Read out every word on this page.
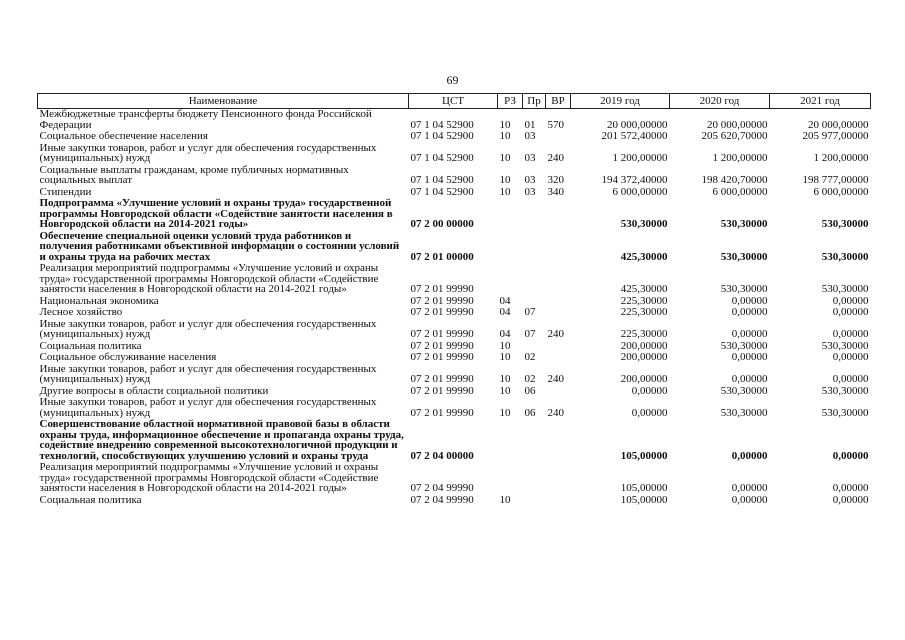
69
Наименование	ЦСТ	РЗ	Пр	ВР	2019 год	2020 год	2021 год
Межбюджетные трансферты бюджету Пенсионного фонда Российской Федерации	07 1 04 52900	10	01	570	20 000,00000	20 000,00000	20 000,00000
Социальное обеспечение населения	07 1 04 52900	10	03		201 572,40000	205 620,70000	205 977,00000
Иные закупки товаров, работ и услуг для обеспечения государственных (муниципальных) нужд	07 1 04 52900	10	03	240	1 200,00000	1 200,00000	1 200,00000
Социальные выплаты гражданам, кроме публичных нормативных социальных выплат	07 1 04 52900	10	03	320	194 372,40000	198 420,70000	198 777,00000
Стипендии	07 1 04 52900	10	03	340	6 000,00000	6 000,00000	6 000,00000
Подпрограмма «Улучшение условий и охраны труда» государственной программы Новгородской области «Содействие занятости населения в Новгородской области на 2014-2021 годы»	07 2 00 00000				530,30000	530,30000	530,30000
Обеспечение специальной оценки условий труда работников и получения работниками объективной информации о состоянии условий и охраны труда на рабочих местах	07 2 01 00000				425,30000	530,30000	530,30000
Реализация мероприятий подпрограммы «Улучшение условий и охраны труда» государственной программы Новгородской области «Содействие занятости населения в Новгородской области на 2014-2021 годы»	07 2 01 99990				425,30000	530,30000	530,30000
Национальная экономика	07 2 01 99990	04			225,30000	0,00000	0,00000
Лесное хозяйство	07 2 01 99990	04	07		225,30000	0,00000	0,00000
Иные закупки товаров, работ и услуг для обеспечения государственных (муниципальных) нужд	07 2 01 99990	04	07	240	225,30000	0,00000	0,00000
Социальная политика	07 2 01 99990	10			200,00000	530,30000	530,30000
Социальное обслуживание населения	07 2 01 99990	10	02		200,00000	0,00000	0,00000
Иные закупки товаров, работ и услуг для обеспечения государственных (муниципальных) нужд	07 2 01 99990	10	02	240	200,00000	0,00000	0,00000
Другие вопросы в области социальной политики	07 2 01 99990	10	06		0,00000	530,30000	530,30000
Иные закупки товаров, работ и услуг для обеспечения государственных (муниципальных) нужд	07 2 01 99990	10	06	240	0,00000	530,30000	530,30000
Совершенствование областной нормативной правовой базы в области охраны труда, информационное обеспечение и пропаганда охраны труда, содействие внедрению современной высокотехнологичной продукции и технологий, способствующих улучшению условий и охраны труда	07 2 04 00000				105,00000	0,00000	0,00000
Реализация мероприятий подпрограммы «Улучшение условий и охраны труда» государственной программы Новгородской области «Содействие занятости населения в Новгородской области на 2014-2021 годы»	07 2 04 99990				105,00000	0,00000	0,00000
Социальная политика	07 2 04 99990	10			105,00000	0,00000	0,00000
